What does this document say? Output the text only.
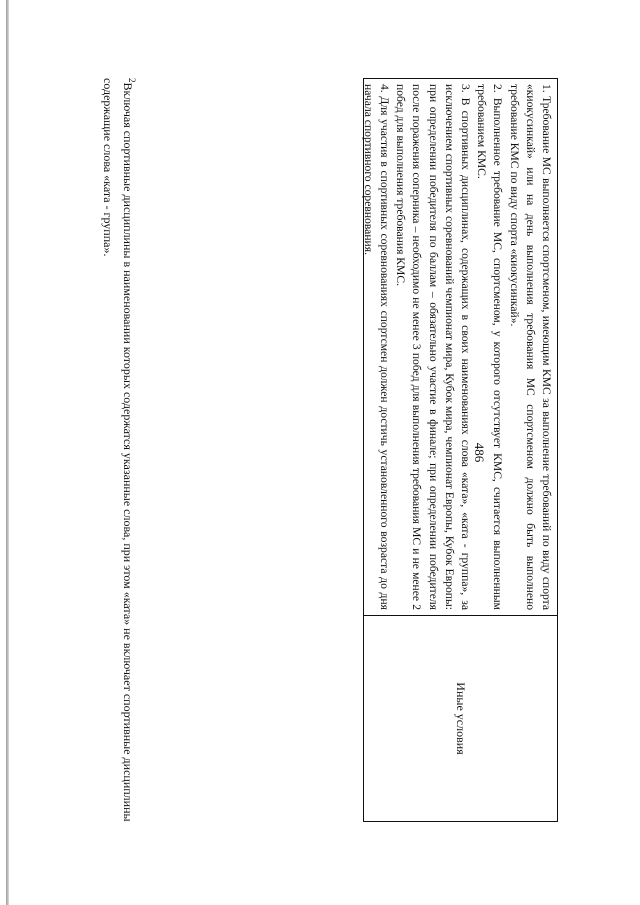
486	1. Требование МС выполняется спортсменом, имеющим КМС за выполнение требований по виду спорта «киокусинкай» или на день выполнения требования МС спортсменом должно быть выполнено требование КМС по виду спорта «киокусинкай».

2. Выполненное требование МС, спортсменом, у которого отсутствует КМС, считается выполненным требованием КМС.

3. В спортивных дисциплинах, содержащих в своих наименованиях слова «ката», «ката - группа», за исключением спортивных соревнований чемпионат мира, Кубок мира, чемпионат Европы, Кубок Европы: при определении победителя по баллам – обязательно участие в финале; при определении победителя после поражения соперника – необходимо не менее 3 побед для выполнения требования МС и не менее 2 побед для выполнения требования КМС.

4. Для участия в спортивных соревнованиях спортсмен должен достичь установленного возраста до дня начала спортивного соревнования.

Иные условия
$^2$Включая спортивные дисциплины в наименовании которых содержатся указанные слова, при этом «ката» не включает спортивные дисциплины содержащие слова «ката - группа».
